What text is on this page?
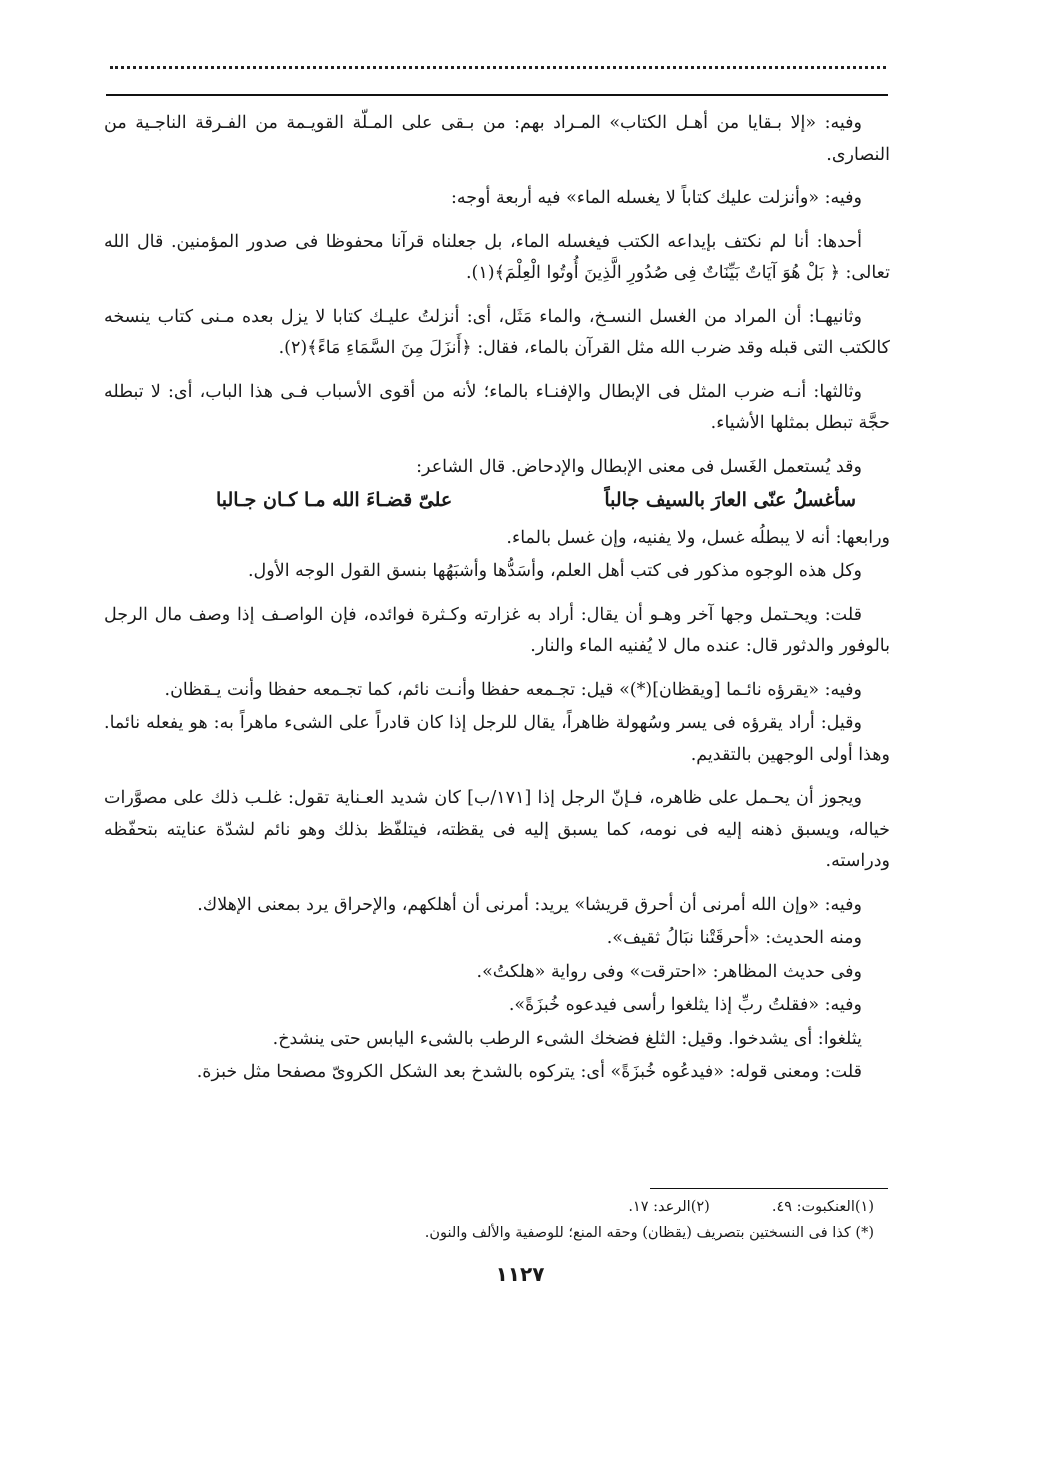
وفيه: «إلا بـقايا من أهـل الكتاب» المـراد بهم: من بـقى على المـلّة القويـمة من الفـرقة الناجـية من النصارى.

وفيه: «وأنزلت عليك كتاباً لا يغسله الماء» فيه أربعة أوجه:

أحدها: أنا لم نكتف بإيداعه الكتب فيغسله الماء، بل جعلناه قرآنا محفوظا فى صدور المؤمنين. قال الله تعالى: ﴿ بَلْ هُوَ آيَاتٌ بَيِّنَاتٌ فِى صُدُورِ الَّذِينَ أُوتُوا الْعِلْمَ﴾(١).

وثانيهـا: أن المراد من الغسل النسـخ، والماء مَثَل، أى: أنزلتُ عليـك كتابا لا يزل بعده مـنى كتاب ينسخه كالكتب التى قبله وقد ضرب الله مثل القرآن بالماء، فقال: ﴿أَنزَلَ مِنَ السَّمَاءِ مَاءً﴾(٢).

وثالثها: أنـه ضرب المثل فى الإبطال والإفنـاء بالماء؛ لأنه من أقوى الأسباب فـى هذا الباب، أى: لا تبطله حجَّة تبطل بمثلها الأشياء.

وقد يُستعمل الغَسل فى معنى الإبطال والإدحاض. قال الشاعر:

سأغسلُ عنّى العارَ بالسيف جالباً
علىّ قضـاءَ الله مـا كـان جـالبا

ورابعها: أنه لا يبطلُه غسل، ولا يفنيه، وإن غسل بالماء.

وكل هذه الوجوه مذكور فى كتب أهل العلم، وأسَدُّها وأشبَهُها بنسق القول الوجه الأول.

قلت: ويحـتمل وجها آخر وهـو أن يقال: أراد به غزارته وكـثرة فوائده، فإن الواصـف إذا وصف مال الرجل بالوفور والدثور قال: عنده مال لا يُفنيه الماء والنار.

وفيه: «يقرؤه نائـما [ويقظان](*)» قيل: تجـمعه حفظا وأنـت نائم، كما تجـمعه حفظا وأنت يـقظان.

وقيل: أراد يقرؤه فى يسر وسُهولة ظاهراً، يقال للرجل إذا كان قادراً على الشىء ماهراً به: هو يفعله نائما. وهذا أولى الوجهين بالتقديم.

ويجوز أن يحـمل على ظاهره، فـإنّ الرجل إذا [١٧١/ب] كان شديد العـناية تقول: غلـب ذلك على مصوَّرات خياله، ويسبق ذهنه إليه فى نومه، كما يسبق إليه فى يقظته، فيتلفّظ بذلك وهو نائم لشدّة عنايته بتحفّظه ودراسته.

وفيه: «وإن الله أمرنى أن أحرق قريشا» يريد: أمرنى أن أهلكهم، والإحراق يرد بمعنى الإهلاك.

ومنه الحديث: «أحرقَتْنا نبَالُ ثقيف».

وفى حديث المظاهر: «احترقت» وفى رواية «هلكتُ».

وفيه: «فقلتُ ربِّ إذا يثلغوا رأسى فيدعوه خُبزَةً».

يثلغوا: أى يشدخوا. وقيل: الثلغ فضخك الشىء الرطب بالشىء اليابس حتى ينشدخ.

قلت: ومعنى قوله: «فيدعُوه خُبزَةً» أى: يتركوه بالشدخ بعد الشكل الكروىّ مصفحا مثل خبزة.

(١)العنكبوت: ٤٩.
(٢)الرعد: ١٧.
(*) كذا فى النسختين بتصريف (يقظان) وحقه المنع؛ للوصفية والألف والنون.
١١٢٧
